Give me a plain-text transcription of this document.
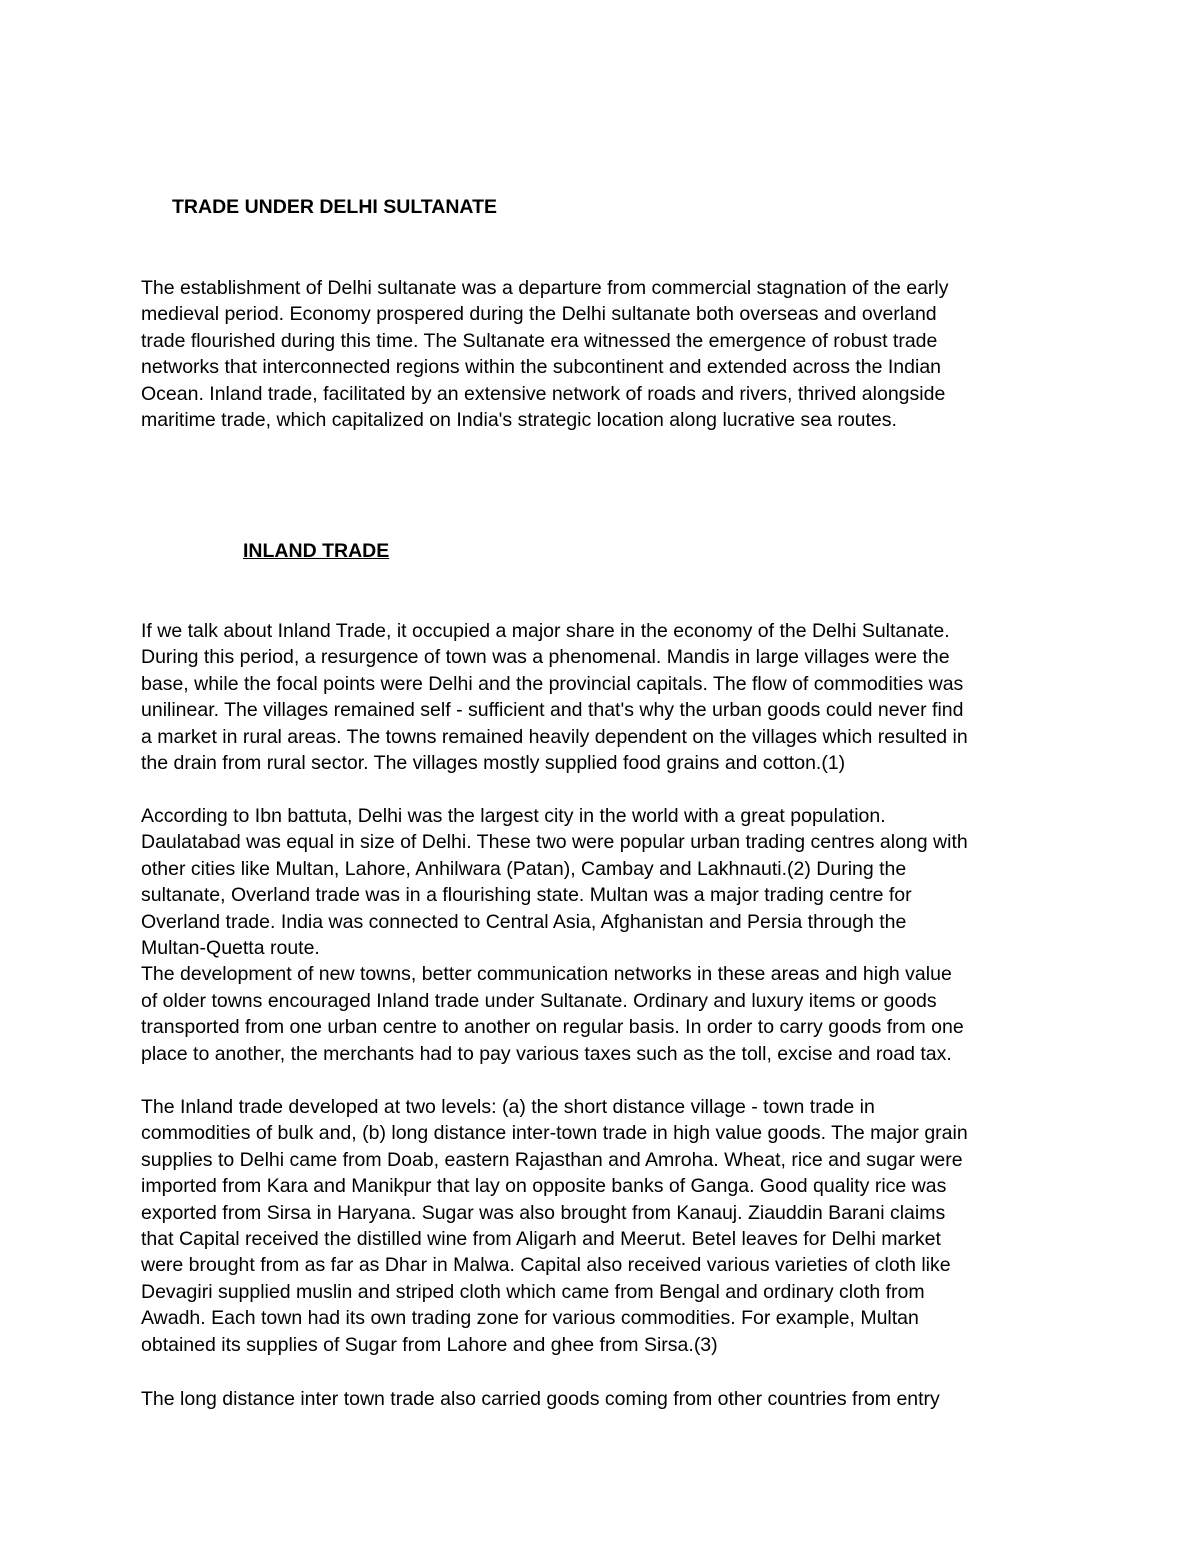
TRADE UNDER DELHI SULTANATE

The establishment of Delhi sultanate was a departure from commercial stagnation of the early
medieval period. Economy prospered during the Delhi sultanate both overseas and overland
trade flourished during this time. The Sultanate era witnessed the emergence of robust trade
networks that interconnected regions within the subcontinent and extended across the Indian
Ocean. Inland trade, facilitated by an extensive network of roads and rivers, thrived alongside
maritime trade, which capitalized on India's strategic location along lucrative sea routes.

INLAND TRADE

If we talk about Inland Trade, it occupied a major share in the economy of the Delhi Sultanate.
During this period, a resurgence of town was a phenomenal. Mandis in large villages were the
base, while the focal points were Delhi and the provincial capitals. The flow of commodities was
unilinear. The villages remained self - sufficient and that's why the urban goods could never find
a market in rural areas. The towns remained heavily dependent on the villages which resulted in
the drain from rural sector. The villages mostly supplied food grains and cotton.(1)

According to Ibn battuta, Delhi was the largest city in the world with a great population.
Daulatabad was equal in size of Delhi. These two were popular urban trading centres along with
other cities like Multan, Lahore, Anhilwara (Patan), Cambay and Lakhnauti.(2) During the
sultanate, Overland trade was in a flourishing state. Multan was a major trading centre for
Overland trade. India was connected to Central Asia, Afghanistan and Persia through the
Multan-Quetta route.
The development of new towns, better communication networks in these areas and high value
of older towns encouraged Inland trade under Sultanate. Ordinary and luxury items or goods
transported from one urban centre to another on regular basis. In order to carry goods from one
place to another, the merchants had to pay various taxes such as the toll, excise and road tax.

The Inland trade developed at two levels: (a) the short distance village - town trade in
commodities of bulk and, (b) long distance inter-town trade in high value goods. The major grain
supplies to Delhi came from Doab, eastern Rajasthan and Amroha. Wheat, rice and sugar were
imported from Kara and Manikpur that lay on opposite banks of Ganga. Good quality rice was
exported from Sirsa in Haryana. Sugar was also brought from Kanauj. Ziauddin Barani claims
that Capital received the distilled wine from Aligarh and Meerut. Betel leaves for Delhi market
were brought from as far as Dhar in Malwa. Capital also received various varieties of cloth like
Devagiri supplied muslin and striped cloth which came from Bengal and ordinary cloth from
Awadh. Each town had its own trading zone for various commodities. For example, Multan
obtained its supplies of Sugar from Lahore and ghee from Sirsa.(3)

The long distance inter town trade also carried goods coming from other countries from entry
